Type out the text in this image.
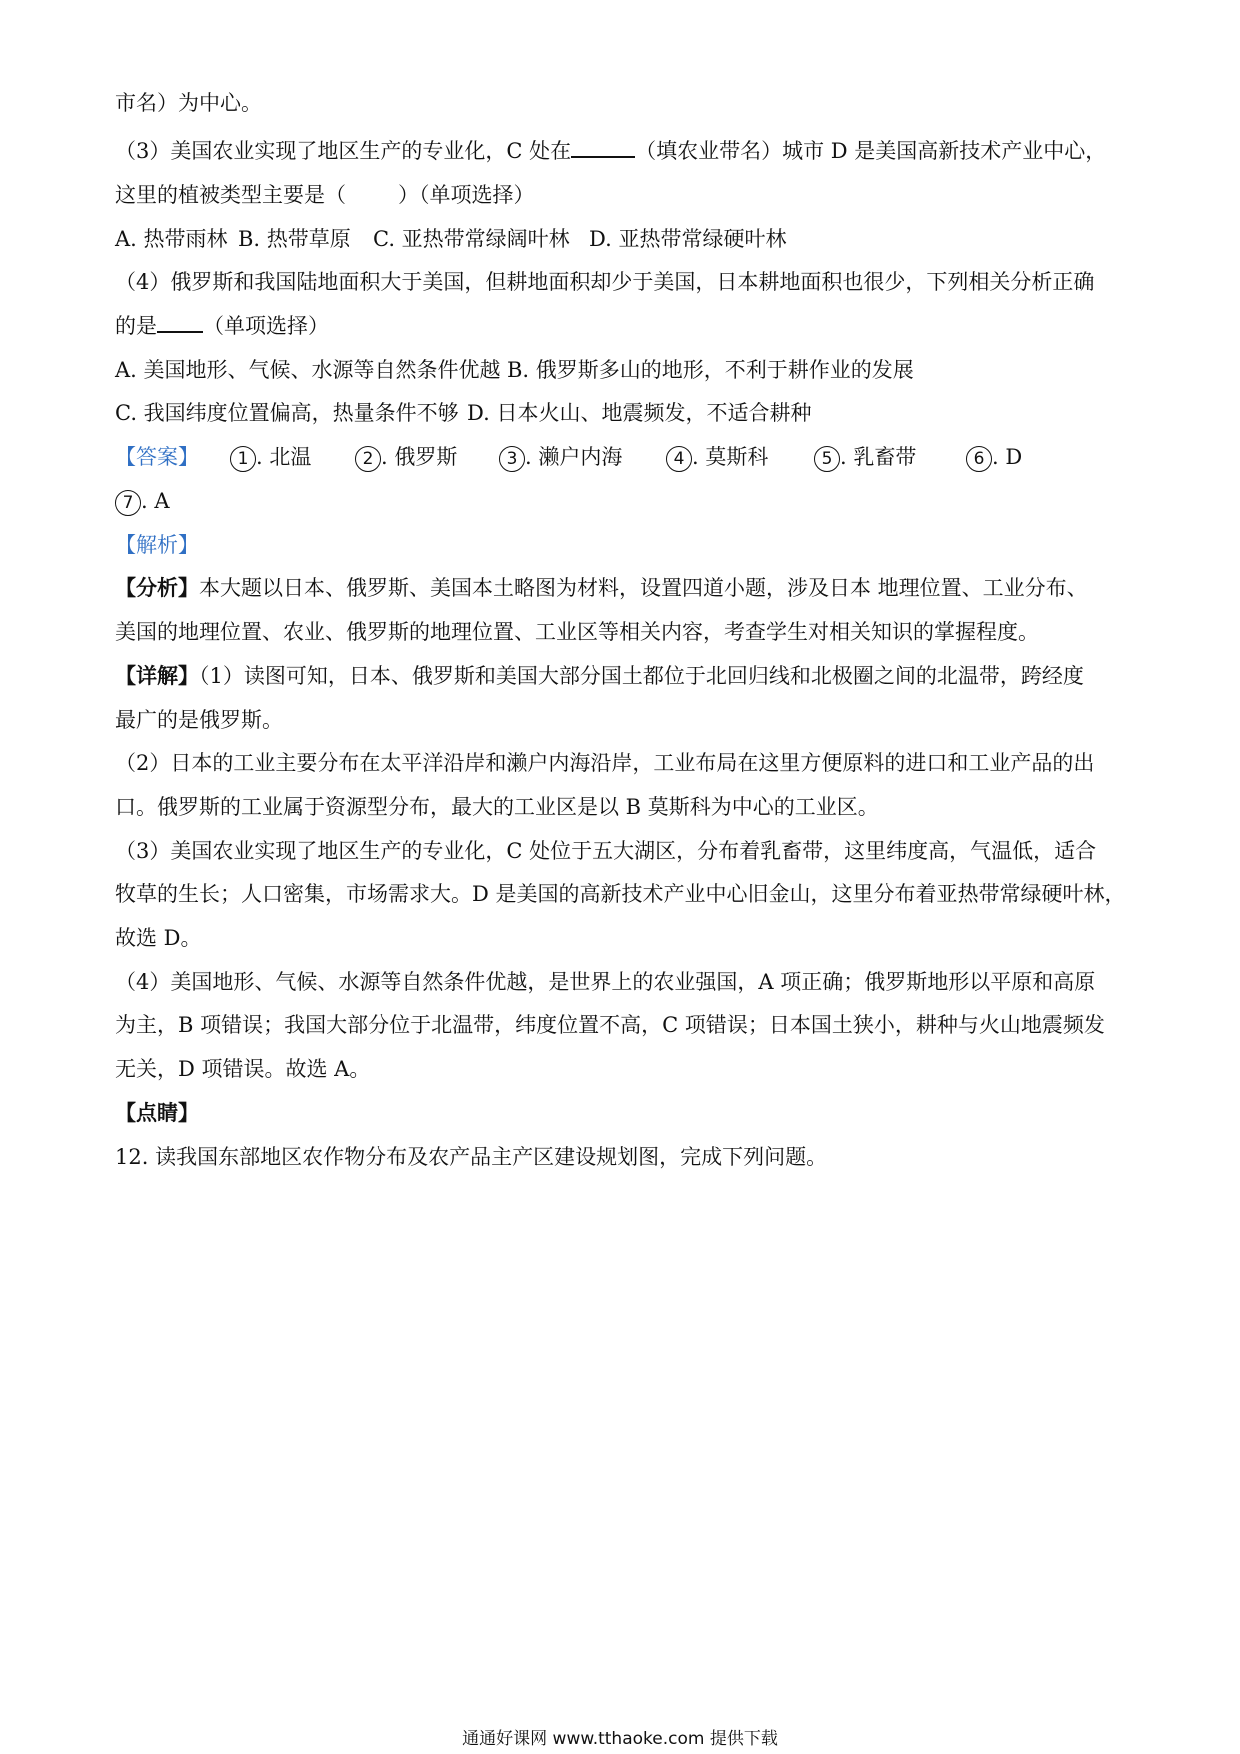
市名）为中心。
（3）美国农业实现了地区生产的专业化，C 处在	（填农业带名）城市 D 是美国高新技术产业中心，
这里的植被类型主要是（ ）（单项选择）
A. 热带雨林 B. 热带草原 C. 亚热带常绿阔叶林 D. 亚热带常绿硬叶林
（4）俄罗斯和我国陆地面积大于美国，但耕地面积却少于美国，日本耕地面积也很少，下列相关分析正确
的是 （单项选择）
A. 美国地形、气候、水源等自然条件优越 B. 俄罗斯多山的地形，不利于耕作业的发展
C. 我国纬度位置偏高，热量条件不够 D. 日本火山、地震频发，不适合耕种
【答案】	1 . 北温	2 . 俄罗斯	3 . 濑户内海	4 . 莫斯科	5 . 乳畜带	6 . D
7 . A
【解析】
【分析】本大题以日本、俄罗斯、美国本土略图为材料，设置四道小题，涉及日本 地理位置、工业分布、
美国的地理位置、农业、俄罗斯的地理位置、工业区等相关内容，考查学生对相关知识的掌握程度。
【详解】（1）读图可知，日本、俄罗斯和美国大部分国土都位于北回归线和北极圈之间的北温带，跨经度
最广的是俄罗斯。
（2）日本的工业主要分布在太平洋沿岸和濑户内海沿岸，工业布局在这里方便原料的进口和工业产品的出
口。俄罗斯的工业属于资源型分布，最大的工业区是以 B 莫斯科为中心的工业区。
（3）美国农业实现了地区生产的专业化，C 处位于五大湖区，分布着乳畜带，这里纬度高，气温低，适合
牧草的生长；人口密集，市场需求大。D 是美国的高新技术产业中心旧金山，这里分布着亚热带常绿硬叶林，
故选 D。
（4）美国地形、气候、水源等自然条件优越，是世界上的农业强国，A 项正确；俄罗斯地形以平原和高原
为主，B 项错误；我国大部分位于北温带，纬度位置不高，C 项错误；日本国土狭小，耕种与火山地震频发
无关，D 项错误。故选 A。
【点睛】
12. 读我国东部地区农作物分布及农产品主产区建设规划图，完成下列问题。
通通好课网 www.tthaoke.com 提供下载
